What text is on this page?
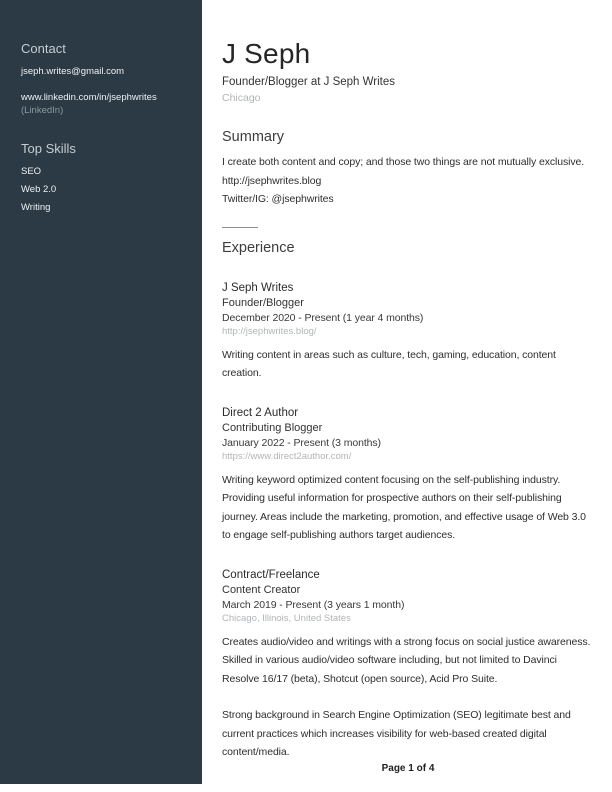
Contact
jseph.writes@gmail.com
www.linkedin.com/in/jsephwrites
(LinkedIn)
Top Skills
SEO
Web 2.0
Writing
J Seph
Founder/Blogger at J Seph Writes
Chicago
Summary

I create both content and copy; and those two things are not mutually exclusive.

http://jsephwrites.blog

Twitter/IG: @jsephwrites

Experience
J Seph Writes
Founder/Blogger
December 2020 - Present (1 year 4 months)
http://jsephwrites.blog/

Writing content in areas such as culture, tech, gaming, education, content creation.

Direct 2 Author
Contributing Blogger
January 2022 - Present (3 months)
https://www.direct2author.com/

Writing keyword optimized content focusing on the self-publishing industry. Providing useful information for prospective authors on their self-publishing journey. Areas include the marketing, promotion, and effective usage of Web 3.0 to engage self-publishing authors target audiences.

Contract/Freelance
Content Creator
March 2019 - Present (3 years 1 month)
Chicago, Illinois, United States

Creates audio/video and writings with a strong focus on social justice awareness. Skilled in various audio/video software including, but not limited to Davinci Resolve 16/17 (beta), Shotcut (open source), Acid Pro Suite.

Strong background in Search Engine Optimization (SEO) legitimate best and current practices which increases visibility for web-based created digital content/media.

Page 1 of 4
